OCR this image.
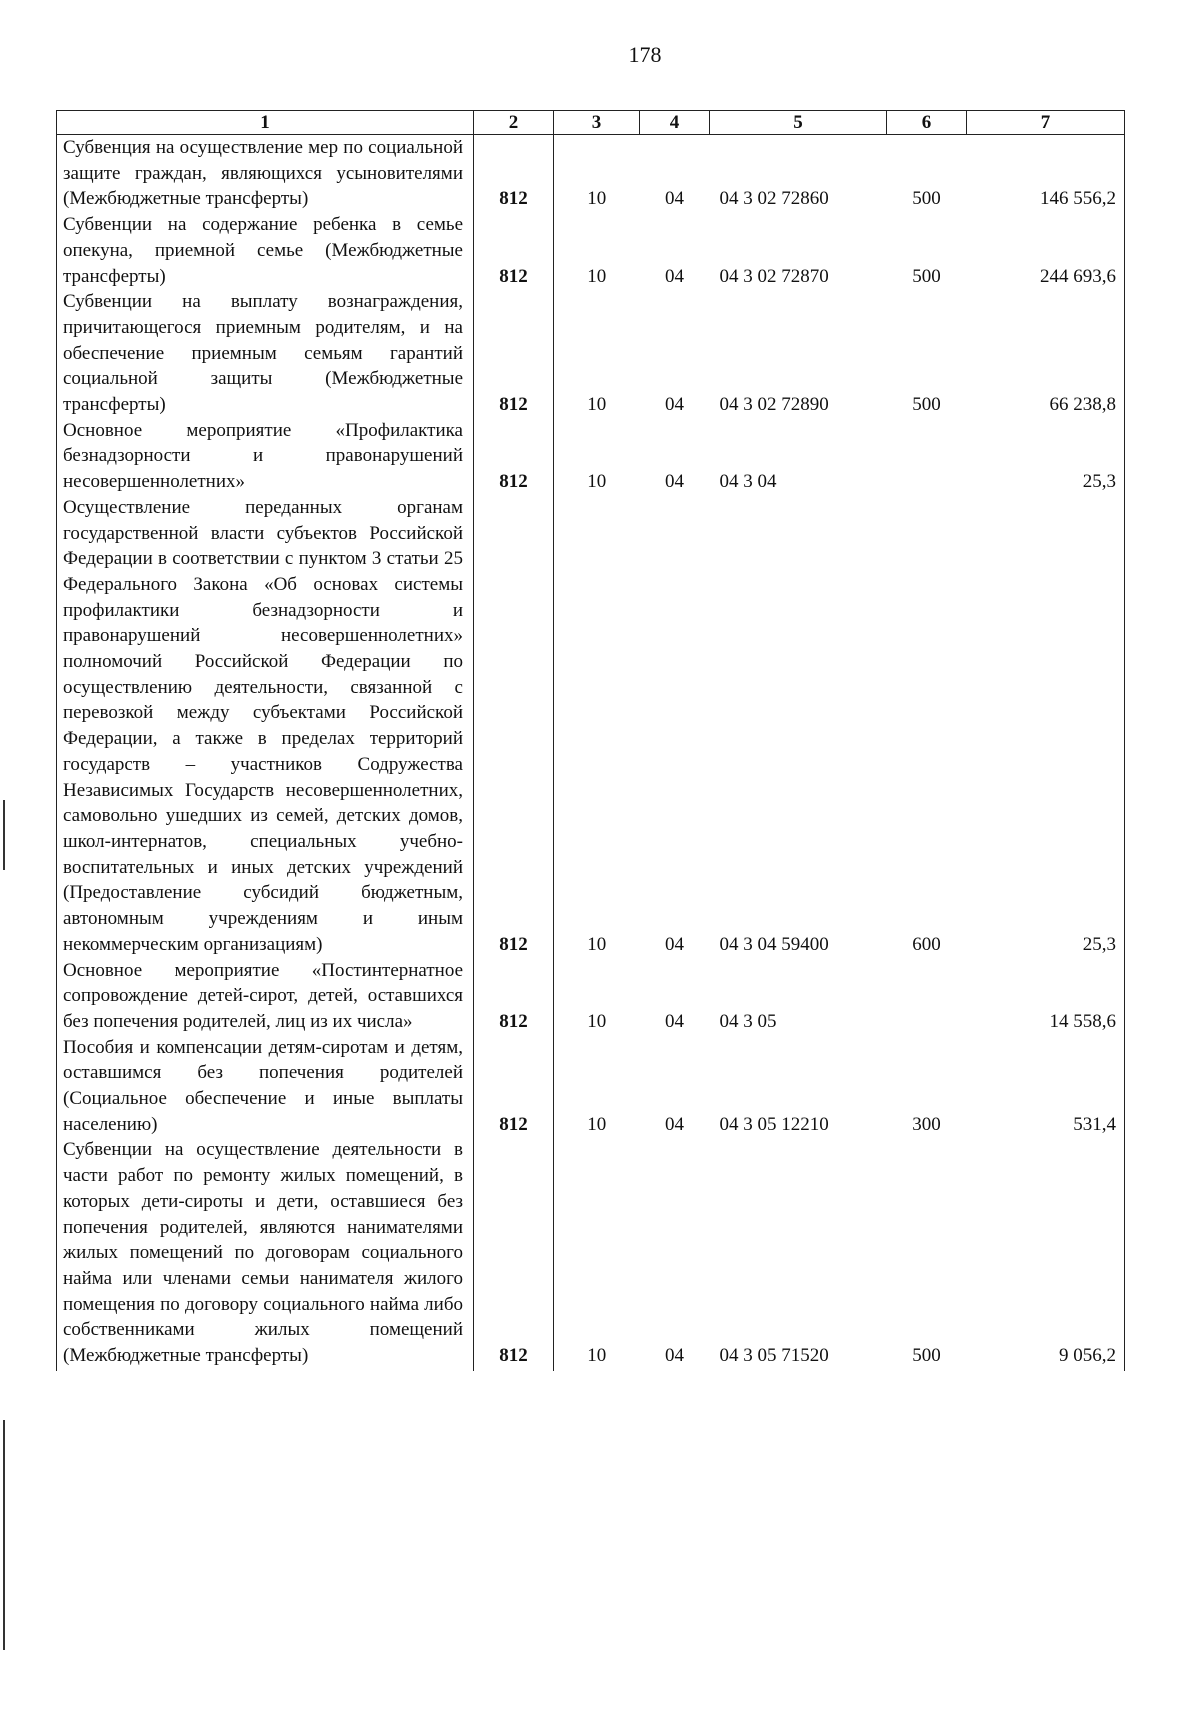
178
1	2	3	4	5	6	7
Субвенция на осуществление мер по социальной защите граждан, являющихся усыновителями (Межбюджетные трансферты)	812	10	04	04 3 02 72860	500	146 556,2
Субвенции на содержание ребенка в семье опекуна, приемной семье (Межбюджетные трансферты)	812	10	04	04 3 02 72870	500	244 693,6
Субвенции на выплату вознаграждения, причитающегося приемным родителям, и на обеспечение приемным семьям гарантий социальной защиты (Межбюджетные трансферты)	812	10	04	04 3 02 72890	500	66 238,8
Основное мероприятие «Профилактика безнадзорности и правонарушений несовершеннолетних»	812	10	04	04 3 04		25,3
Осуществление переданных органам государственной власти субъектов Российской Федерации в соответствии с пунктом 3 статьи 25 Федерального Закона «Об основах системы профилактики безнадзорности и правонарушений несовершеннолетних» полномочий Российской Федерации по осуществлению деятельности, связанной с перевозкой между субъектами Российской Федерации, а также в пределах территорий государств – участников Содружества Независимых Государств несовершеннолетних, самовольно ушедших из семей, детских домов, школ-интернатов, специальных учебно-воспитательных и иных детских учреждений (Предоставление субсидий бюджетным, автономным учреждениям и иным некоммерческим организациям)	812	10	04	04 3 04 59400	600	25,3
Основное мероприятие «Постинтернатное сопровождение детей-сирот, детей, оставшихся без попечения родителей, лиц из их числа»	812	10	04	04 3 05		14 558,6
Пособия и компенсации детям-сиротам и детям, оставшимся без попечения родителей (Социальное обеспечение и иные выплаты населению)	812	10	04	04 3 05 12210	300	531,4
Субвенции на осуществление деятельности в части работ по ремонту жилых помещений, в которых дети-сироты и дети, оставшиеся без попечения родителей, являются нанимателями жилых помещений по договорам социального найма или членами семьи нанимателя жилого помещения по договору социального найма либо собственниками жилых помещений (Межбюджетные трансферты)	812	10	04	04 3 05 71520	500	9 056,2
